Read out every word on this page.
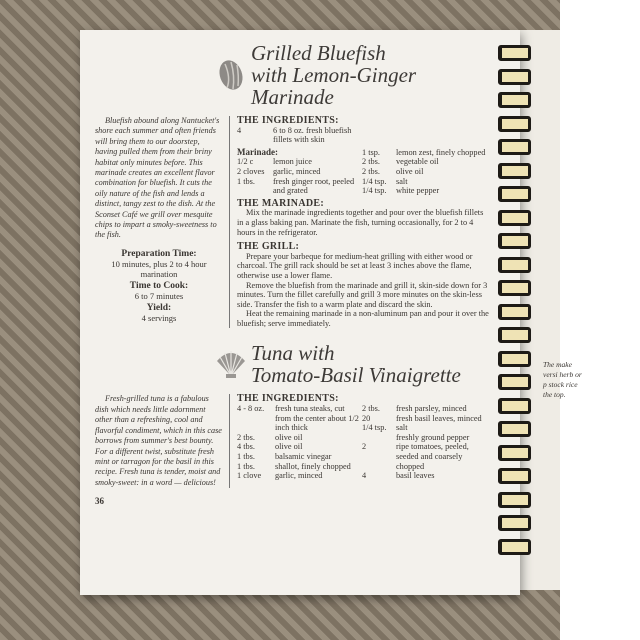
The make versi herb or p stock rice the top.

Grilled Bluefish
with Lemon-Ginger Marinade

Bluefish abound along Nantucket's shore each summer and often friends will bring them to our doorstep, having pulled them from their briny habitat only minutes before. This marinade creates an excellent flavor combination for bluefish. It cuts the oily nature of the fish and lends a distinct, tangy zest to the dish. At the Sconset Café we grill over mesquite chips to impart a smoky-sweetness to the fish.

Preparation Time:
10 minutes, plus 2 to 4 hour marination
Time to Cook:
6 to 7 minutes
Yield:
4 servings
THE INGREDIENTS:
4	6 to 8 oz. fresh bluefish fillets with skin
Marinade:
1/2 c	lemon juice
2 cloves	garlic, minced
1 tbs.	fresh ginger root, peeled and grated
1 tsp.	lemon zest, finely chopped
2 tbs.	vegetable oil
2 tbs.	olive oil
1/4 tsp.	salt
1/4 tsp.	white pepper
THE MARINADE:

Mix the marinade ingredients together and pour over the bluefish fillets in a glass baking pan. Marinate the fish, turning occasionally, for 2 to 4 hours in the refrigerator.

THE GRILL:

Prepare your barbeque for medium-heat grilling with either wood or charcoal. The grill rack should be set at least 3 inches above the flame, otherwise use a lower flame.

Remove the bluefish from the marinade and grill it, skin-side down for 3 minutes. Turn the fillet carefully and grill 3 more minutes on the skin-less side. Transfer the fish to a warm plate and discard the skin.

Heat the remaining marinade in a non-aluminum pan and pour it over the bluefish; serve immediately.

Tuna with
Tomato-Basil Vinaigrette

Fresh-grilled tuna is a fabulous dish which needs little adornment other than a refreshing, cool and flavorful condiment, which in this case borrows from summer's best bounty. For a different twist, substitute fresh mint or tarragon for the basil in this recipe. Fresh tuna is tender, moist and smoky-sweet: in a word — delicious!

THE INGREDIENTS:
4 - 8 oz.	fresh tuna steaks, cut from the center about 1/2 inch thick
2 tbs.	olive oil
4 tbs.	olive oil
1 tbs.	balsamic vinegar
1 tbs.	shallot, finely chopped
1 clove	garlic, minced
2 tbs.	fresh parsley, minced
20	fresh basil leaves, minced
1/4 tsp.	salt
freshly ground pepper
2	ripe tomatoes, peeled, seeded and coarsely chopped
4	basil leaves
36
